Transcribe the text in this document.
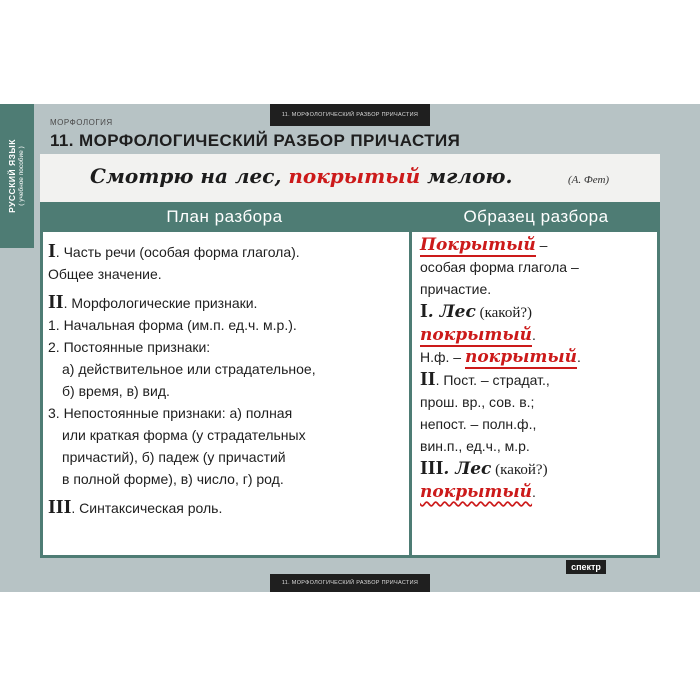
РУССКИЙ ЯЗЫК ( учебное пособие )
11. МОРФОЛОГИЧЕСКИЙ РАЗБОР ПРИЧАСТИЯ
МОРФОЛОГИЯ
11. МОРФОЛОГИЧЕСКИЙ РАЗБОР ПРИЧАСТИЯ
Смотрю на лес, покрытый мглою.	(А. Фет)
План разбора	Образец разбора
I. Часть речи (особая форма глагола).
Общее значение.
II. Морфологические признаки.
1. Начальная форма (им.п. ед.ч. м.р.).
2. Постоянные признаки:
а) действительное или страдательное,
б) время, в) вид.
3. Непостоянные признаки: а) полная
или краткая форма (у страдательных
причастий), б) падеж (у причастий
в полной форме), в) число, г) род.
III. Синтаксическая роль.
Покрытый –
особая форма глагола –
причастие.
I. Лес (какой?)
покрытый.
Н.ф. – покрытый.
II. Пост. – страдат.,
прош. вр., сов. в.;
непост. – полн.ф.,
вин.п., ед.ч., м.р.
III. Лес (какой?)
покрытый.
11. МОРФОЛОГИЧЕСКИЙ РАЗБОР ПРИЧАСТИЯ
спектр
